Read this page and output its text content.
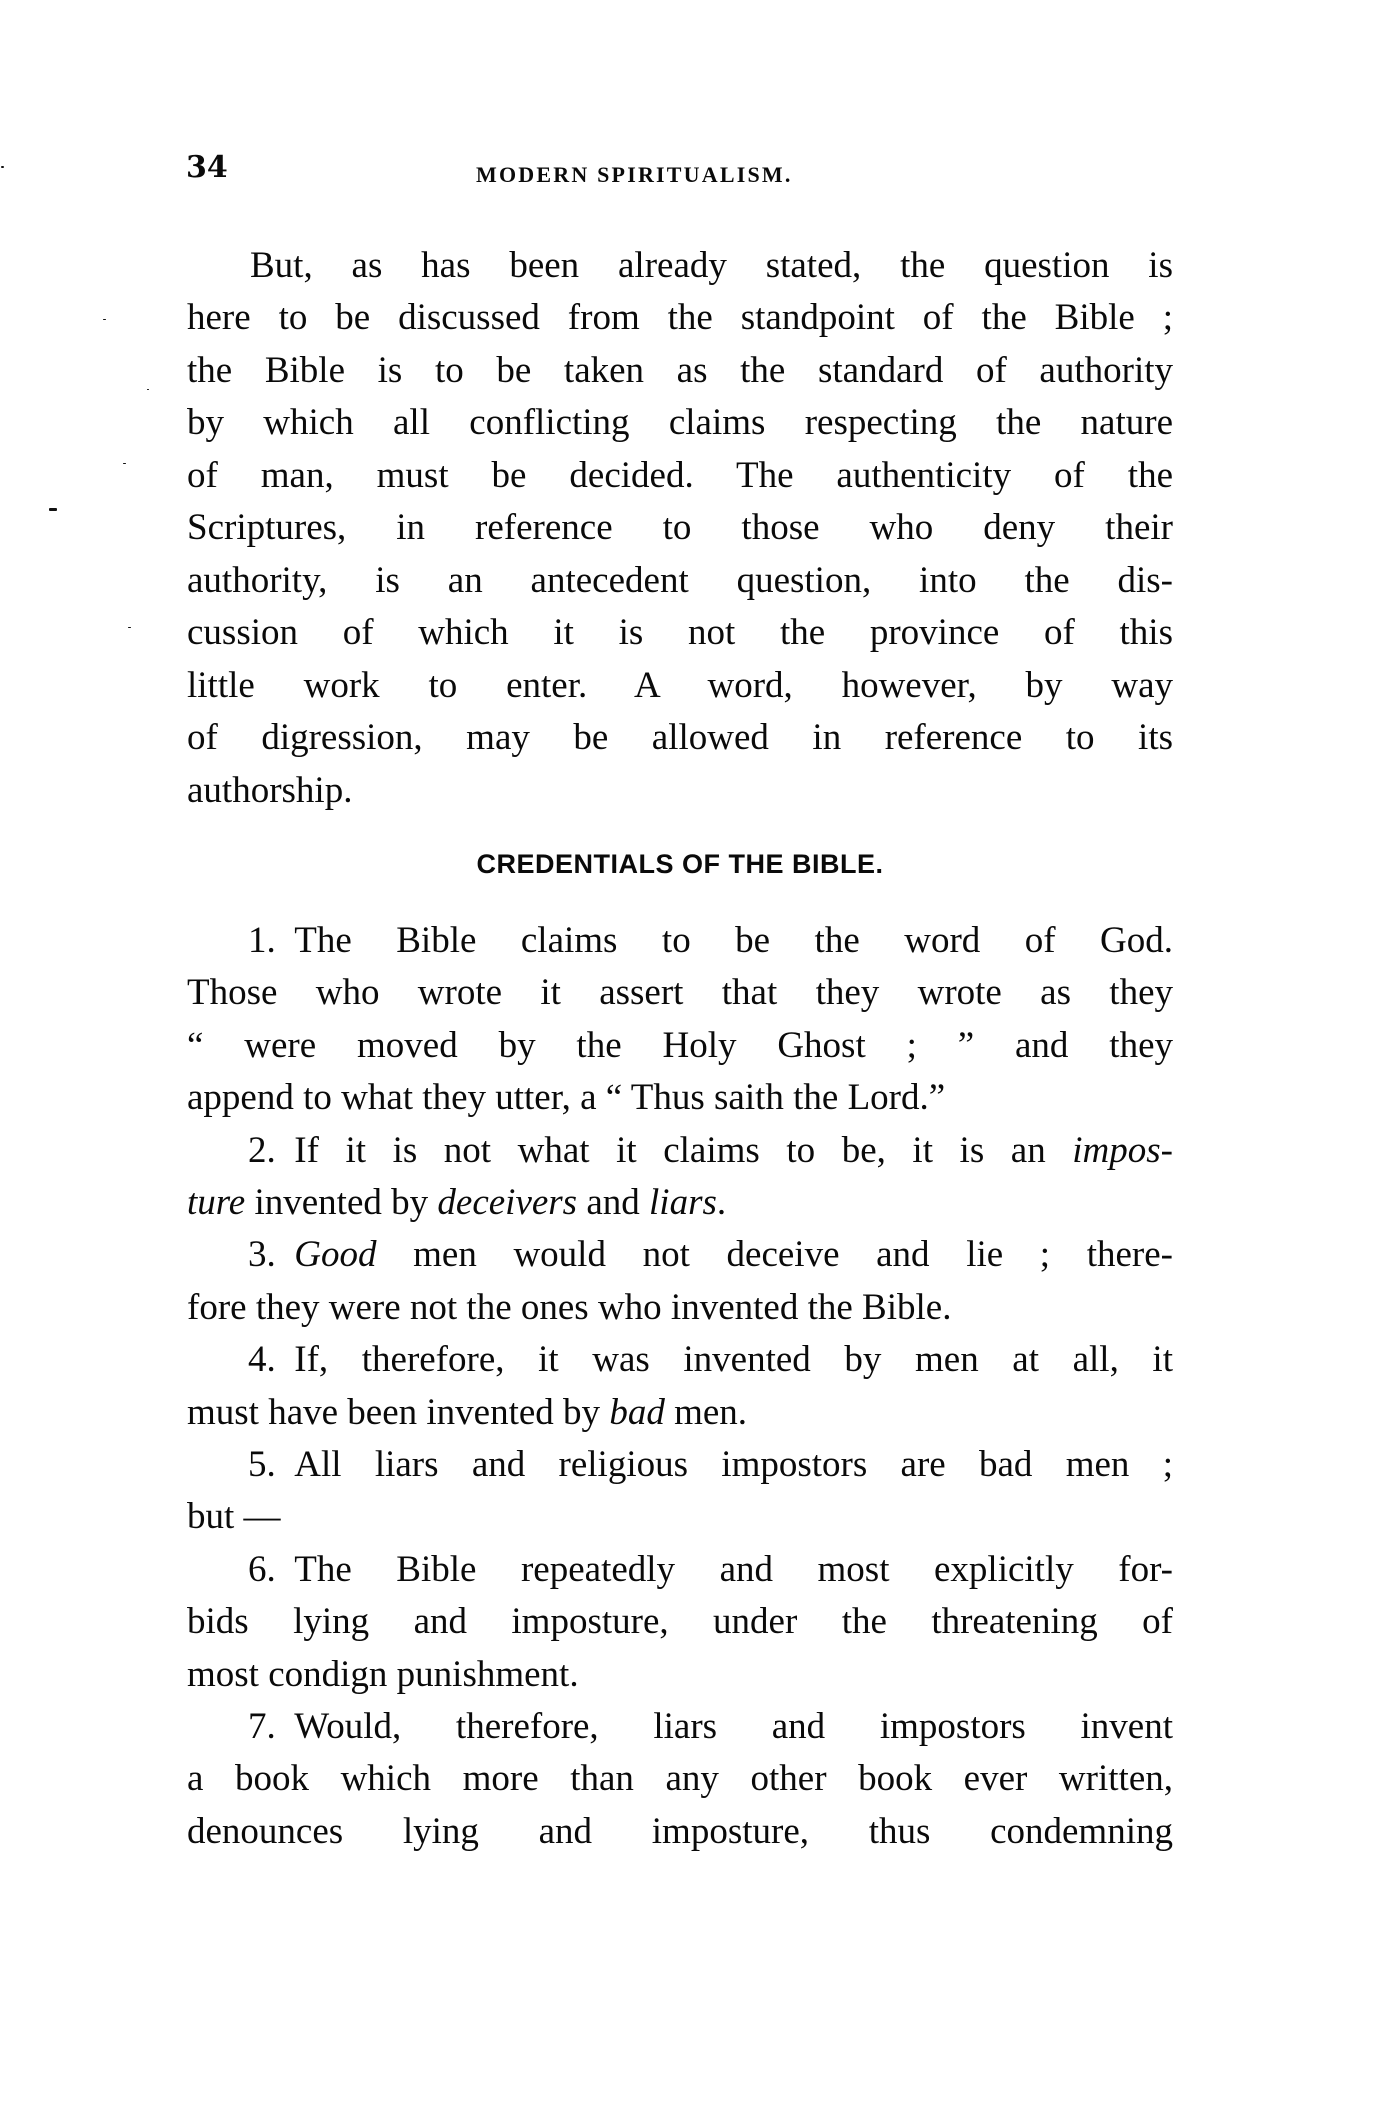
34	MODERN SPIRITUALISM.
But, as has been already stated, the question is
here to be discussed from the standpoint of the Bible ;
the Bible is to be taken as the standard of authority
by which all conflicting claims respecting the nature
of man, must be decided. The authenticity of the
Scriptures, in reference to those who deny their
authority, is an antecedent question, into the dis-
cussion of which it is not the province of this
little work to enter. A word, however, by way
of digression, may be allowed in reference to its
authorship.
CREDENTIALS OF THE BIBLE.
1. The Bible claims to be the word of God.
Those who wrote it assert that they wrote as they
“ were moved by the Holy Ghost ; ” and they
append to what they utter, a “ Thus saith the Lord.”
2. If it is not what it claims to be, it is an impos-
ture invented by deceivers and liars.
3. Good men would not deceive and lie ; there-
fore they were not the ones who invented the Bible.
4. If, therefore, it was invented by men at all, it
must have been invented by bad men.
5. All liars and religious impostors are bad men ;
but —
6. The Bible repeatedly and most explicitly for-
bids lying and imposture, under the threatening of
most condign punishment.
7. Would, therefore, liars and impostors invent
a book which more than any other book ever written,
denounces lying and imposture, thus condemning
